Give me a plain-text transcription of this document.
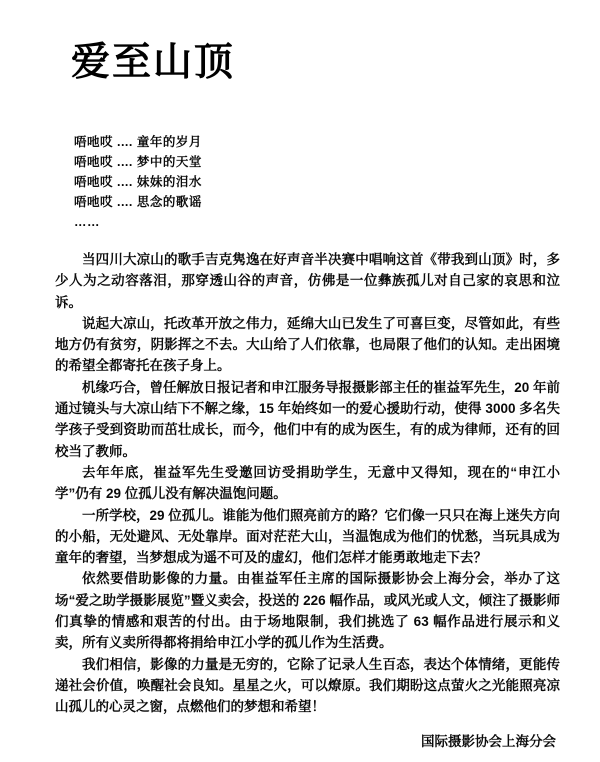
爱至山顶
唔吔哎 .... 童年的岁月
唔吔哎 .... 梦中的天堂
唔吔哎 .... 妹妹的泪水
唔吔哎 .... 思念的歌谣
……

当四川大凉山的歌手吉克隽逸在好声音半决赛中唱响这首《带我到山顶》时，多少人为之动容落泪，那穿透山谷的声音，仿佛是一位彝族孤儿对自己家的哀思和泣诉。

说起大凉山，托改革开放之伟力，延绵大山已发生了可喜巨变，尽管如此，有些地方仍有贫穷，阴影挥之不去。大山给了人们依靠，也局限了他们的认知。走出困境的希望全都寄托在孩子身上。

机缘巧合，曾任解放日报记者和申江服务导报摄影部主任的崔益军先生，20 年前通过镜头与大凉山结下不解之缘，15 年始终如一的爱心援助行动，使得 3000 多名失学孩子受到资助而茁壮成长，而今，他们中有的成为医生，有的成为律师，还有的回校当了教师。

去年年底，崔益军先生受邀回访受捐助学生，无意中又得知，现在的“申江小学”仍有 29 位孤儿没有解决温饱问题。

一所学校，29 位孤儿。谁能为他们照亮前方的路？它们像一只只在海上迷失方向的小船，无处避风、无处靠岸。面对茫茫大山，当温饱成为他们的忧愁，当玩具成为童年的奢望，当梦想成为遥不可及的虚幻，他们怎样才能勇敢地走下去？

依然要借助影像的力量。由崔益军任主席的国际摄影协会上海分会，举办了这场“爱之助学摄影展览”暨义卖会，投送的 226 幅作品，或风光或人文，倾注了摄影师们真挚的情感和艰苦的付出。由于场地限制，我们挑选了 63 幅作品进行展示和义卖，所有义卖所得都将捐给申江小学的孤儿作为生活费。

我们相信，影像的力量是无穷的，它除了记录人生百态，表达个体情绪，更能传递社会价值，唤醒社会良知。星星之火，可以燎原。我们期盼这点萤火之光能照亮凉山孤儿的心灵之窗，点燃他们的梦想和希望！

国际摄影协会上海分会
